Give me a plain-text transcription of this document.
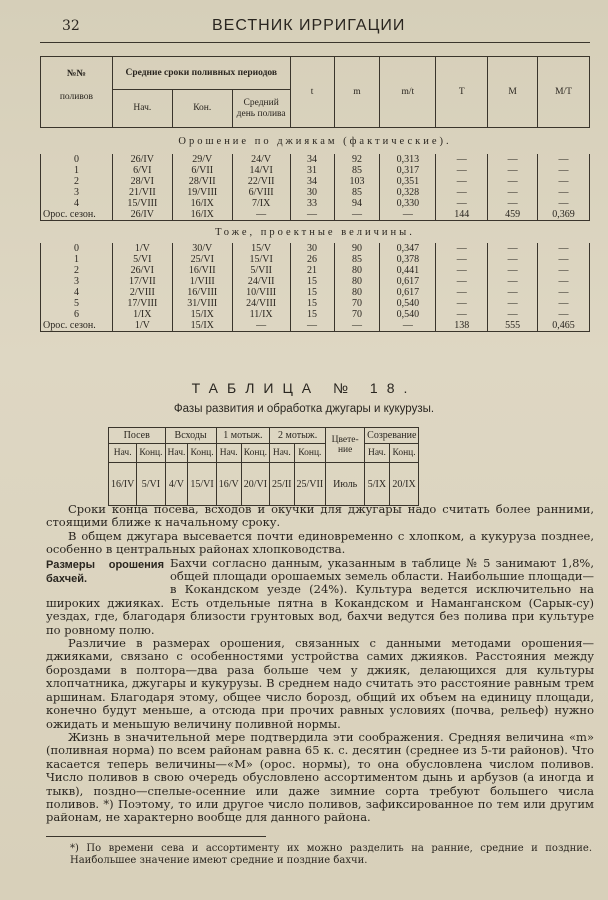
32	ВЕСТНИК ИРРИГАЦИИ
№№
поливов	Средние сроки поливных периодов			t	m	m/t	T	M	M/T
	Нач.	Кон.	Средний день полива						
Орошение по джиякам (фактические).									
0	26/IV	29/V	24/V	34	92	0,313	—	—	—
1	6/VI	6/VII	14/VI	31	85	0,317	—	—	—
2	28/VI	28/VII	22/VII	34	103	0,351	—	—	—
3	21/VII	19/VIII	6/VIII	30	85	0,328	—	—	—
4	15/VIII	16/IX	7/IX	33	94	0,330	—	—	—
Орос. сезон.	26/IV	16/IX	—	—	—	—	144	459	0,369
Тоже, проектные величины.									
0	1/V	30/V	15/V	30	90	0,347	—	—	—
1	5/VI	25/VI	15/VI	26	85	0,378	—	—	—
2	26/VI	16/VII	5/VII	21	80	0,441	—	—	—
3	17/VII	1/VIII	24/VII	15	80	0,617	—	—	—
4	2/VIII	16/VIII	10/VIII	15	80	0,617	—	—	—
5	17/VIII	31/VIII	24/VIII	15	70	0,540	—	—	—
6	1/IX	15/IX	11/IX	15	70	0,540	—	—	—
Орос. сезон.	1/V	15/IX	—	—	—	—	138	555	0,465
ТАБЛИЦА № 18.
Фазы развития и обработка джугары и кукурузы.
Посев		Всходы		1 мотыж.		2 мотыж.		Цвете-ние	Созревание	
Нач.	Конц.	Нач.	Конц.	Нач.	Конц.	Нач.	Конц.		Нач.	Конц.
16/IV	5/VI	4/V	15/VI	16/V	20/VI	25/II	25/VII	Июль	5/IX	20/IX

Сроки конца посева, всходов и окучки для джугары надо считать более ранними, стоящими ближе к начальному сроку.

В общем джугара высевается почти единовременно с хлопком, а кукуруза позднее, особенно в центральных районах хлопководства.

Размеры орошения бахчей.
Бахчи согласно данным, указанным в таблице № 5 занимают 1,8%, общей площади орошаемых земель области. Наибольшие площади—в Кокандском уезде (24%). Культура ведется исключительно на широких джияках. Есть отдельные пятна в Кокандском и Наманганском (Сарык-су) уездах, где, благодаря близости грунтовых вод, бахчи ведутся без полива при культуре по ровному полю.

Различие в размерах орошения, связанных с данными методами орошения—джияками, связано с особенностями устройства самих джияков. Расстояния между бороздами в полтора—два раза больше чем у джияк, делающихся для культуры хлопчатника, джугары и кукурузы. В среднем надо считать это расстояние равным трем аршинам. Благодаря этому, общее число борозд, общий их объем на единицу площади, конечно будут меньше, а отсюда при прочих равных условиях (почва, рельеф) нужно ожидать и меньшую величину поливной нормы.

Жизнь в значительной мере подтвердила эти соображения. Средняя величина «m» (поливная норма) по всем районам равна 65 к. с. десятин (среднее из 5-ти районов). Что касается теперь величины—«М» (орос. нормы), то она обусловлена числом поливов. Число поливов в свою очередь обусловлено ассортиментом дынь и арбузов (а иногда и тыкв), поздно—спелые-осенние или даже зимние сорта требуют большего числа поливов. *) Поэтому, то или другое число поливов, зафиксированное по тем или другим районам, не характерно вообще для данного района.

*) По времени сева и ассортименту их можно разделить на ранние, средние и поздние. Наибольшее значение имеют средние и поздние бахчи.
